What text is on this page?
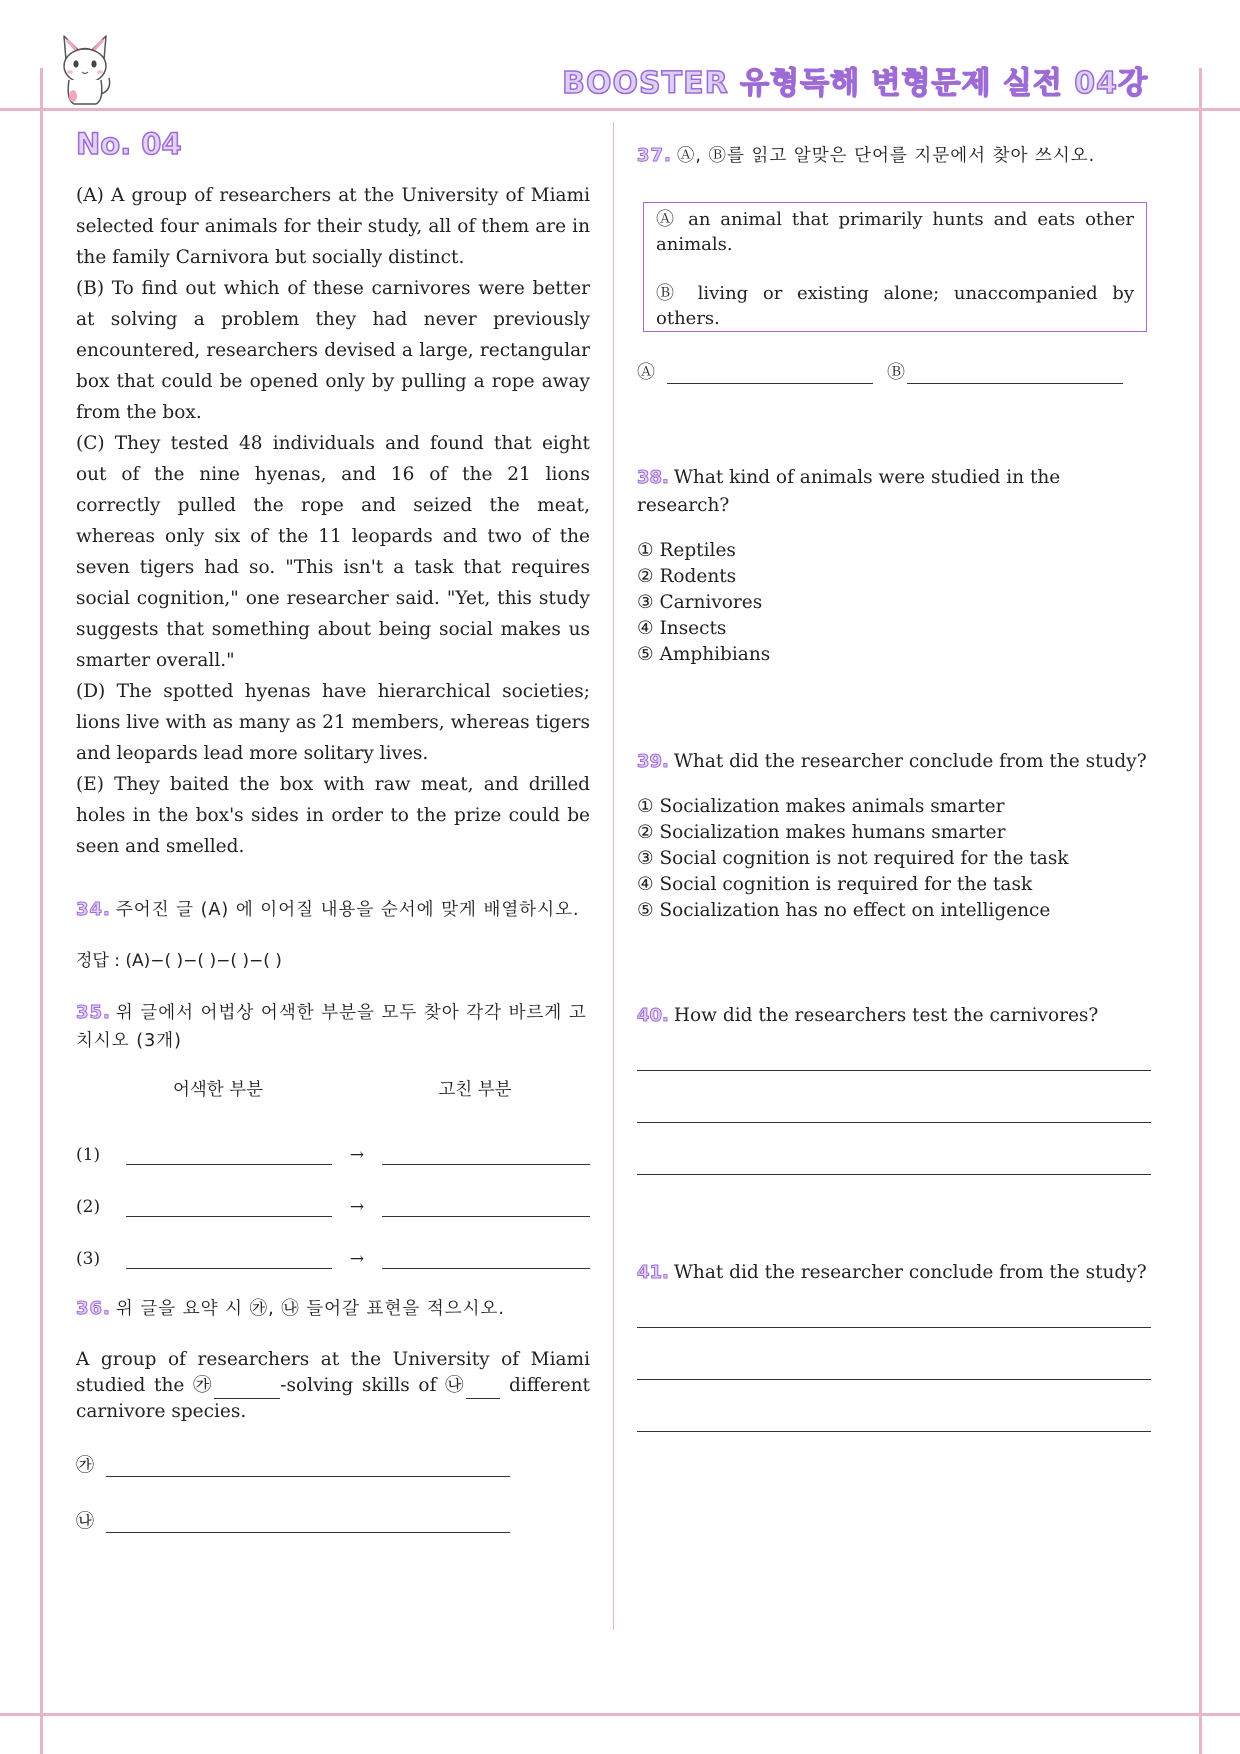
BOOSTER 유형독해 변형문제 실전 04강
No. 04

(A) A group of researchers at the University of Miami selected four animals for their study, all of them are in the family Carnivora but socially distinct.

(B) To find out which of these carnivores were better at solving a problem they had never previously encountered, researchers devised a large, rectangular box that could be opened only by pulling a rope away from the box.

(C) They tested 48 individuals and found that eight out of the nine hyenas, and 16 of the 21 lions correctly pulled the rope and seized the meat, whereas only six of the 11 leopards and two of the seven tigers had so. "This isn't a task that requires social cognition," one researcher said. "Yet, this study suggests that something about being social makes us smarter overall."

(D) The spotted hyenas have hierarchical societies; lions live with as many as 21 members, whereas tigers and leopards lead more solitary lives.

(E) They baited the box with raw meat, and drilled holes in the box's sides in order to the prize could be seen and smelled.

34. 주어진 글 (A) 에 이어질 내용을 순서에 맞게 배열하시오.
정답 : (A)−( )−( )−( )−( )
35. 위 글에서 어법상 어색한 부분을 모두 찾아 각각 바르게 고치시오 (3개)
어색한 부분	고친 부분
(1)	→
(2)	→
(3)	→
36. 위 글을 요약 시 ㉮, ㉯ 들어갈 표현을 적으시오.
A group of researchers at the University of Miami studied the ㉮	-solving skills of ㉯ different carnivore species.
㉮
㉯
37. Ⓐ, Ⓑ를 읽고 알맞은 단어를 지문에서 찾아 쓰시오.

Ⓐ an animal that primarily hunts and eats other animals.

Ⓑ living or existing alone; unaccompanied by others.

Ⓐ	Ⓑ
38. What kind of animals were studied in the research?
① Reptiles
② Rodents
③ Carnivores
④ Insects
⑤ Amphibians
39. What did the researcher conclude from the study?
① Socialization makes animals smarter
② Socialization makes humans smarter
③ Social cognition is not required for the task
④ Social cognition is required for the task
⑤ Socialization has no effect on intelligence
40. How did the researchers test the carnivores?
41. What did the researcher conclude from the study?
